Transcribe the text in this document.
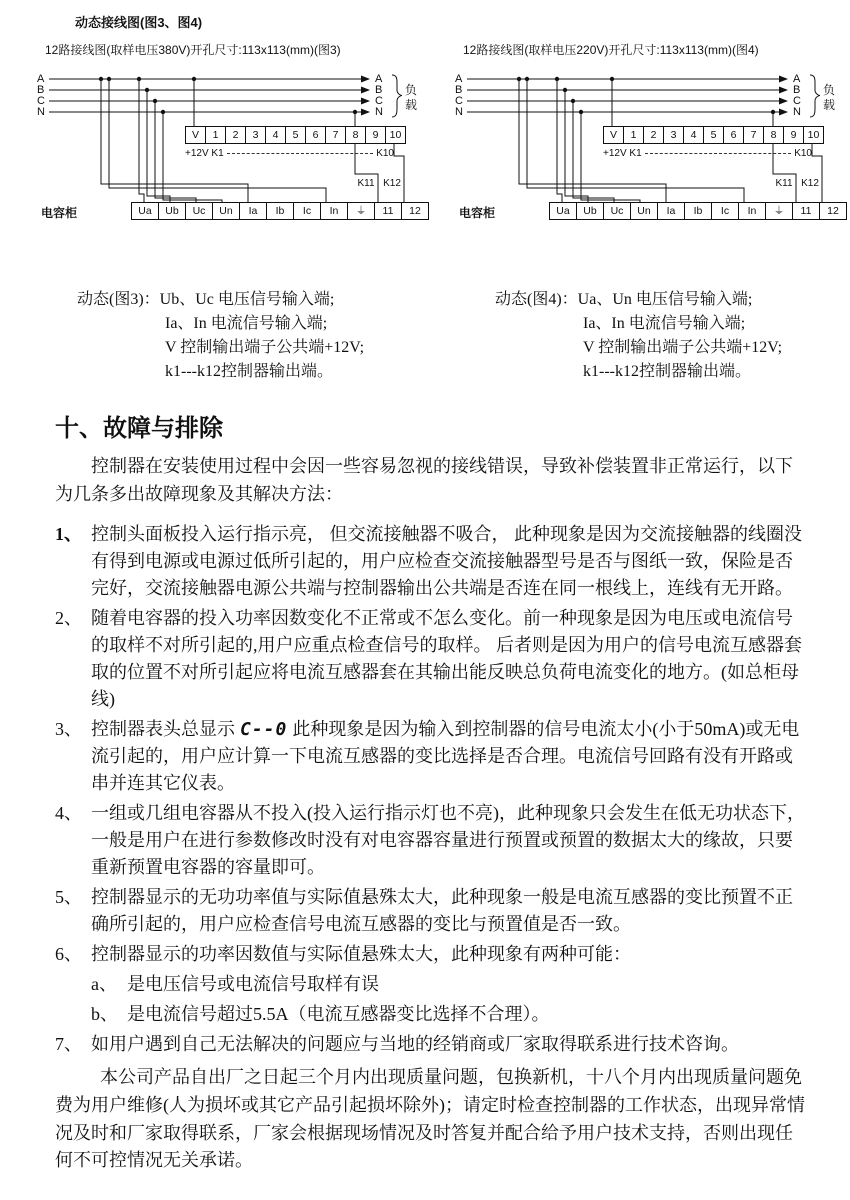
动态接线图(图3、图4)
12路接线图(取样电压380V)开孔尺寸:113x113(mm)(图3)
A
B
C
N
A
B
C
N
负载
V	1	2	3	4	5	6	7	8	9	10
+12V K1	K10
K11 K12
Ua	Ub	Uc	Un	Ia	Ib	Ic	In	⏚	11	12
电容柜
动态(图3)：Ub、Uc 电压信号输入端;
Ia、In 电流信号输入端;
V 控制输出端子公共端+12V;
k1---k12控制器输出端。
12路接线图(取样电压220V)开孔尺寸:113x113(mm)(图4)
A
B
C
N
A
B
C
N
负载
V	1	2	3	4	5	6	7	8	9	10
+12V K1	K10
K11 K12
Ua	Ub	Uc	Un	Ia	Ib	Ic	In	⏚	11	12
电容柜
动态(图4)：Ua、Un 电压信号输入端;
Ia、In 电流信号输入端;
V 控制输出端子公共端+12V;
k1---k12控制器输出端。
十、故障与排除

控制器在安装使用过程中会因一些容易忽视的接线错误，导致补偿装置非正常运行，以下为几条多出故障现象及其解决方法：

1、 控制头面板投入运行指示亮， 但交流接触器不吸合， 此种现象是因为交流接触器的线圈没有得到电源或电源过低所引起的，用户应检查交流接触器型号是否与图纸一致，保险是否完好，交流接触器电源公共端与控制器输出公共端是否连在同一根线上，连线有无开路。
2、 随着电容器的投入功率因数变化不正常或不怎么变化。前一种现象是因为电压或电流信号的取样不对所引起的,用户应重点检查信号的取样。 后者则是因为用户的信号电流互感器套取的位置不对所引起应将电流互感器套在其输出能反映总负荷电流变化的地方。(如总柜母线)
3、 控制器表头总显示 C--0 此种现象是因为输入到控制器的信号电流太小(小于50mA)或无电流引起的，用户应计算一下电流互感器的变比选择是否合理。电流信号回路有没有开路或串并连其它仪表。
4、 一组或几组电容器从不投入(投入运行指示灯也不亮)，此种现象只会发生在低无功状态下，一般是用户在进行参数修改时没有对电容器容量进行预置或预置的数据太大的缘故，只要重新预置电容器的容量即可。
5、 控制器显示的无功功率值与实际值悬殊太大，此种现象一般是电流互感器的变比预置不正确所引起的，用户应检查信号电流互感器的变比与预置值是否一致。
6、 控制器显示的功率因数值与实际值悬殊太大，此种现象有两种可能：
a、 是电压信号或电流信号取样有误
b、 是电流信号超过5.5A（电流互感器变比选择不合理）。
7、 如用户遇到自己无法解决的问题应与当地的经销商或厂家取得联系进行技术咨询。

本公司产品自出厂之日起三个月内出现质量问题，包换新机，十八个月内出现质量问题免费为用户维修(人为损坏或其它产品引起损坏除外)；请定时检查控制器的工作状态，出现异常情况及时和厂家取得联系，厂家会根据现场情况及时答复并配合给予用户技术支持，否则出现任何不可控情况无关承诺。
